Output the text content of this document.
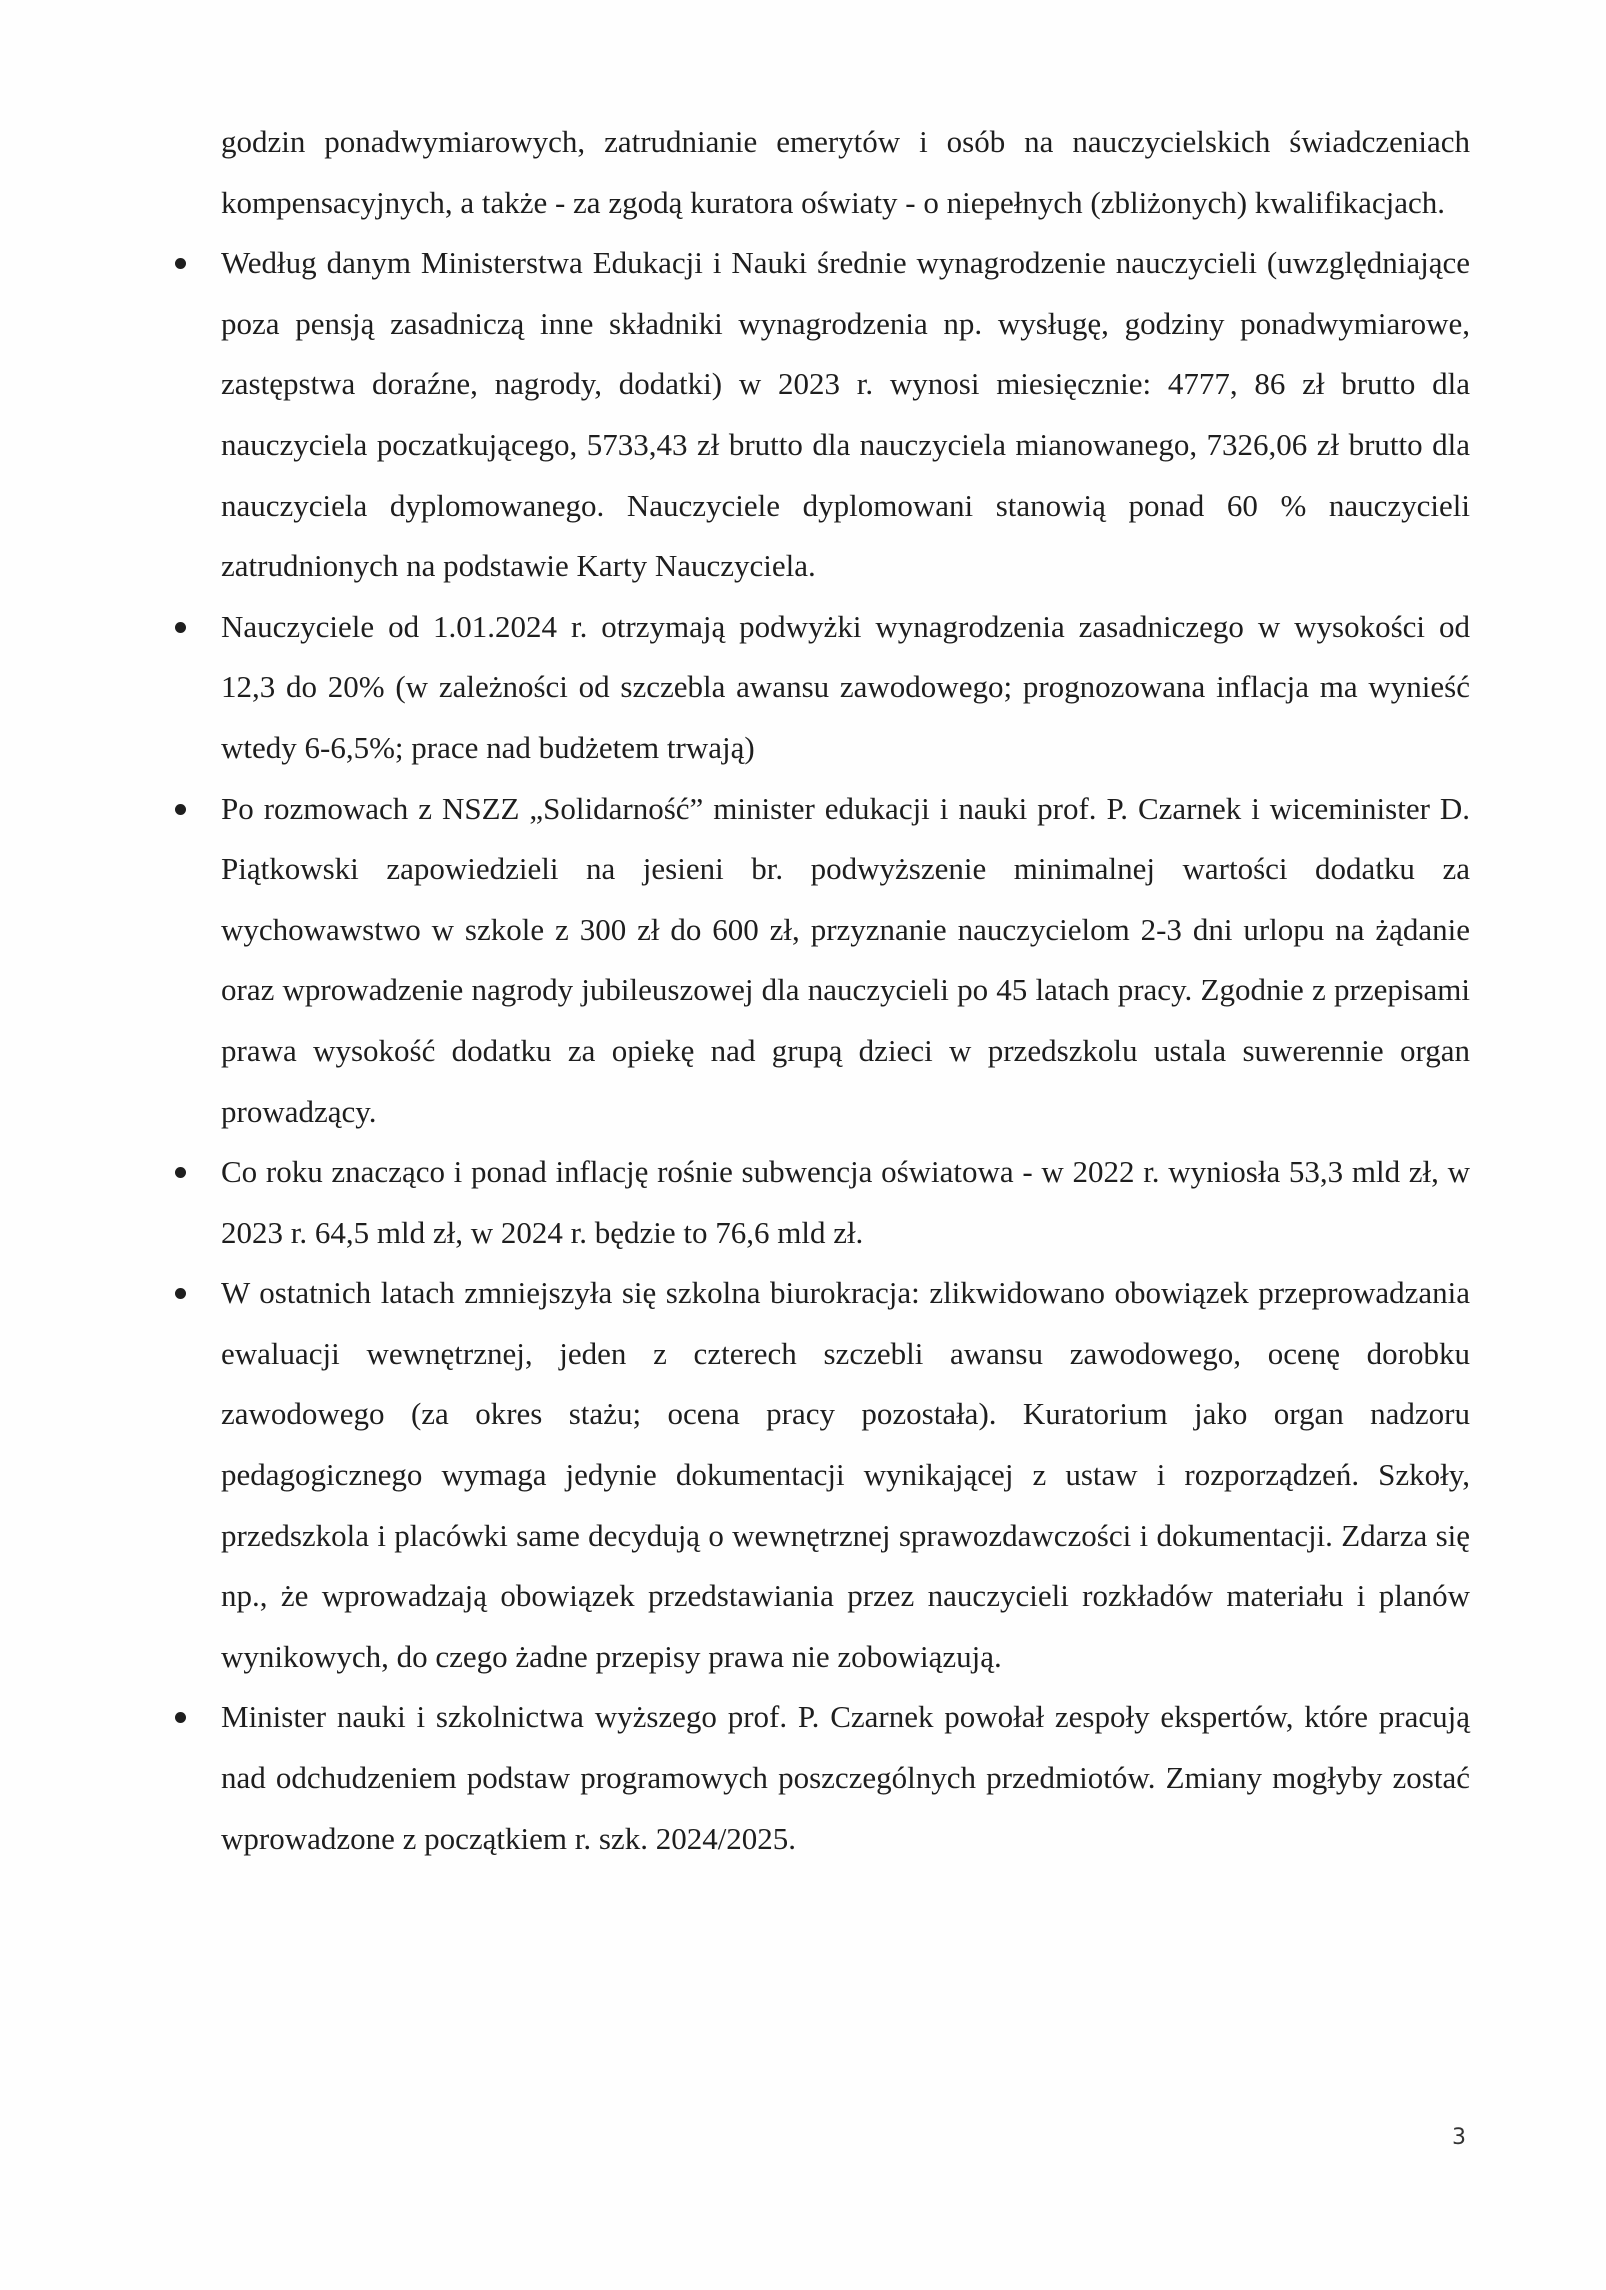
godzin ponadwymiarowych, zatrudnianie emerytów i osób na nauczycielskich świadczeniach kompensacyjnych, a także - za zgodą kuratora oświaty - o niepełnych (zbliżonych) kwalifikacjach.

Według danym Ministerstwa Edukacji i Nauki średnie wynagrodzenie nauczycieli (uwzględniające poza pensją zasadniczą inne składniki wynagrodzenia np. wysługę, godziny ponadwymiarowe, zastępstwa doraźne, nagrody, dodatki) w 2023 r. wynosi miesięcznie: 4777, 86 zł brutto dla nauczyciela poczatkującego, 5733,43 zł brutto dla nauczyciela mianowanego, 7326,06 zł brutto dla nauczyciela dyplomowanego. Nauczyciele dyplomowani stanowią ponad 60 % nauczycieli zatrudnionych na podstawie Karty Nauczyciela.
Nauczyciele od 1.01.2024 r. otrzymają podwyżki wynagrodzenia zasadniczego w wysokości od 12,3 do 20% (w zależności od szczebla awansu zawodowego; prognozowana inflacja ma wynieść wtedy 6-6,5%; prace nad budżetem trwają)
Po rozmowach z NSZZ „Solidarność” minister edukacji i nauki prof. P. Czarnek i wiceminister D. Piątkowski zapowiedzieli na jesieni br. podwyższenie minimalnej wartości dodatku za wychowawstwo w szkole z 300 zł do 600 zł, przyznanie nauczycielom 2-3 dni urlopu na żądanie oraz wprowadzenie nagrody jubileuszowej dla nauczycieli po 45 latach pracy. Zgodnie z przepisami prawa wysokość dodatku za opiekę nad grupą dzieci w przedszkolu ustala suwerennie organ prowadzący.
Co roku znacząco i ponad inflację rośnie subwencja oświatowa - w 2022 r. wyniosła 53,3 mld zł, w 2023 r. 64,5 mld zł, w 2024 r. będzie to 76,6 mld zł.
W ostatnich latach zmniejszyła się szkolna biurokracja: zlikwidowano obowiązek przeprowadzania ewaluacji wewnętrznej, jeden z czterech szczebli awansu zawodowego, ocenę dorobku zawodowego (za okres stażu; ocena pracy pozostała). Kuratorium jako organ nadzoru pedagogicznego wymaga jedynie dokumentacji wynikającej z ustaw i rozporządzeń. Szkoły, przedszkola i placówki same decydują o wewnętrznej sprawozdawczości i dokumentacji. Zdarza się np., że wprowadzają obowiązek przedstawiania przez nauczycieli rozkładów materiału i planów wynikowych, do czego żadne przepisy prawa nie zobowiązują.
Minister nauki i szkolnictwa wyższego prof. P. Czarnek powołał zespoły ekspertów, które pracują nad odchudzeniem podstaw programowych poszczególnych przedmiotów. Zmiany mogłyby zostać wprowadzone z początkiem r. szk. 2024/2025.
3
